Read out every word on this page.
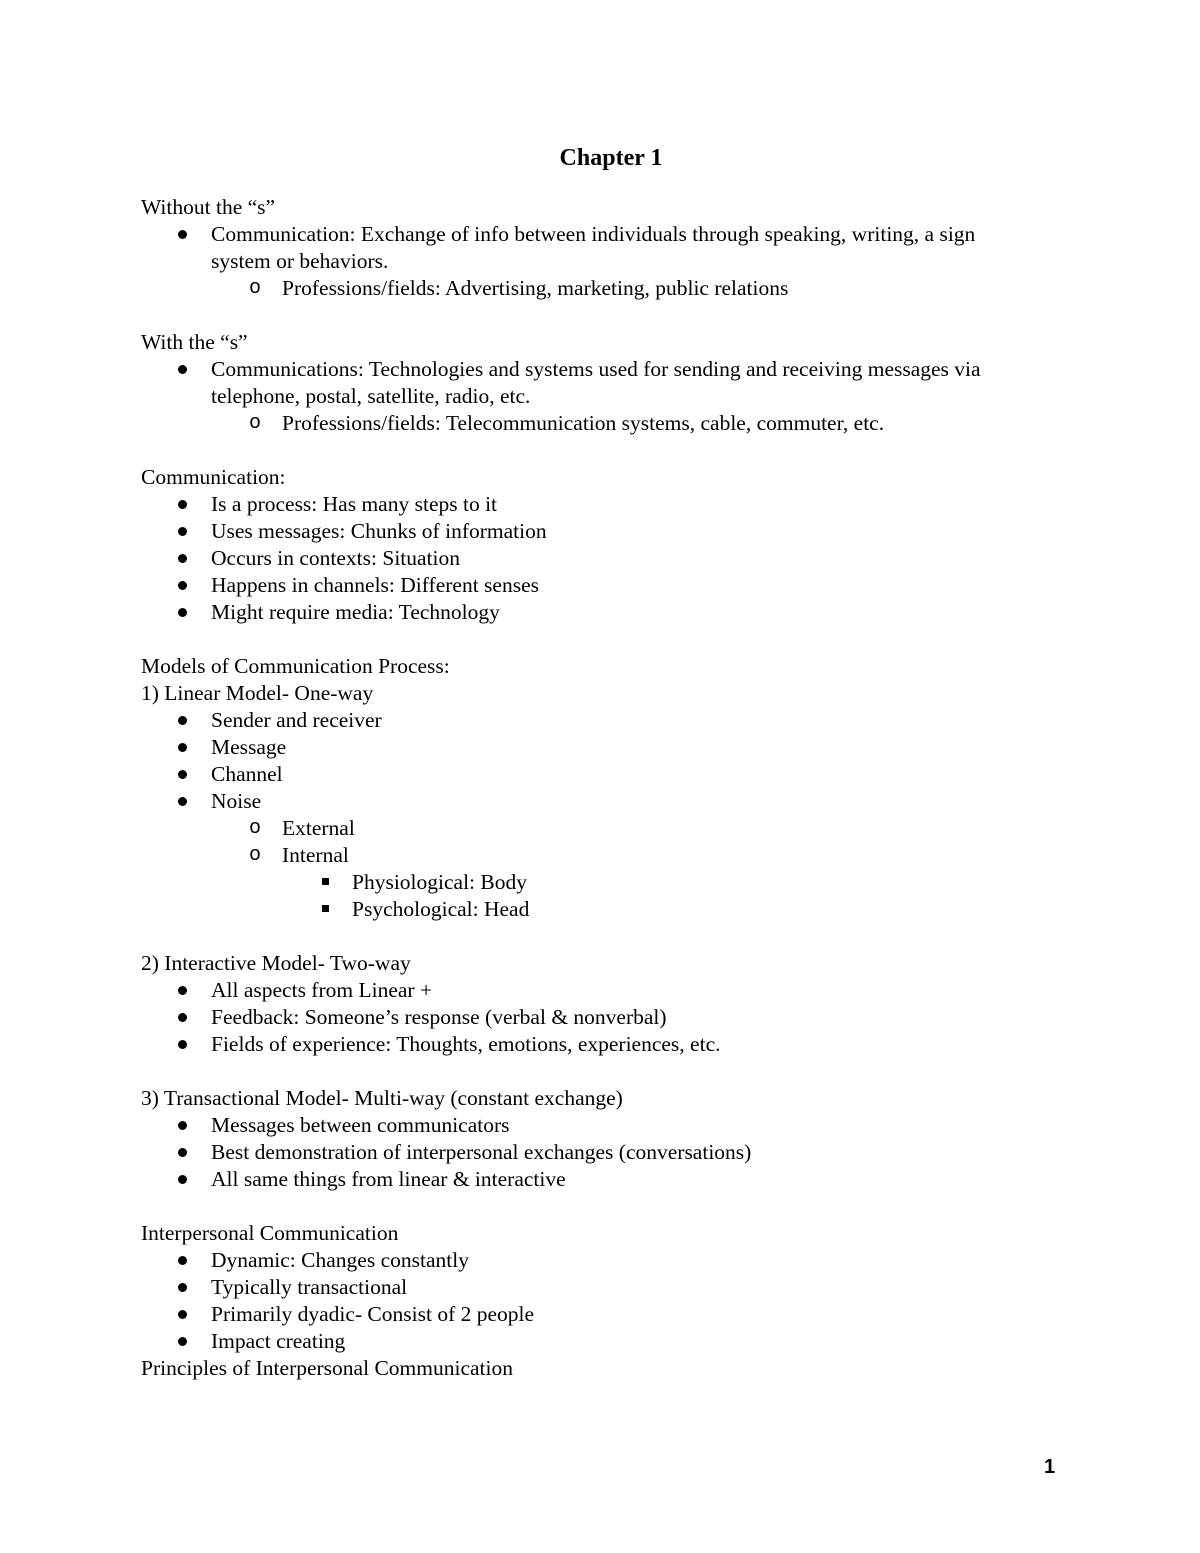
Chapter 1
Without the “s”
Communication: Exchange of info between individuals through speaking, writing, a sign
system or behaviors.
o Professions/fields: Advertising, marketing, public relations
With the “s”
Communications: Technologies and systems used for sending and receiving messages via
telephone, postal, satellite, radio, etc.
o Professions/fields: Telecommunication systems, cable, commuter, etc.
Communication:
Is a process: Has many steps to it
Uses messages: Chunks of information
Occurs in contexts: Situation
Happens in channels: Different senses
Might require media: Technology
Models of Communication Process:
1) Linear Model- One-way
Sender and receiver
Message
Channel
Noise
o External
o Internal
Physiological: Body
Psychological: Head
2) Interactive Model- Two-way
All aspects from Linear +
Feedback: Someone’s response (verbal & nonverbal)
Fields of experience: Thoughts, emotions, experiences, etc.
3) Transactional Model- Multi-way (constant exchange)
Messages between communicators
Best demonstration of interpersonal exchanges (conversations)
All same things from linear & interactive
Interpersonal Communication
Dynamic: Changes constantly
Typically transactional
Primarily dyadic- Consist of 2 people
Impact creating
Principles of Interpersonal Communication
1
